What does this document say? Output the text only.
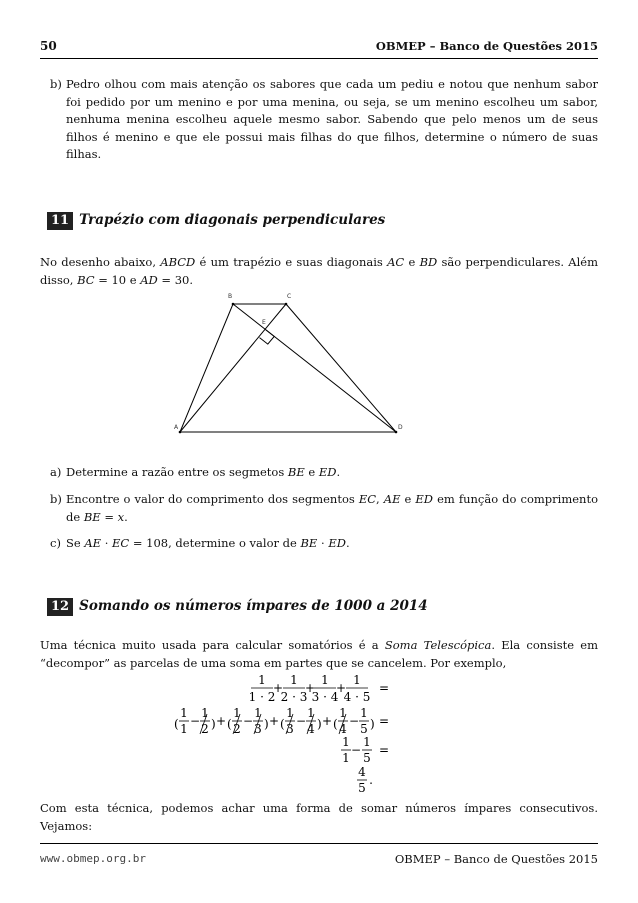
50	OBMEP – Banco de Questões 2015
b) Pedro olhou com mais atenção os sabores que cada um pediu e notou que nenhum sabor foi pedido por um menino e por uma menina, ou seja, se um menino escolheu um sabor, nenhuma menina escolheu aquele mesmo sabor. Sabendo que pelo menos um de seus filhos é menino e que ele possui mais filhas do que filhos, determine o número de suas filhas.
11 Trapézio com diagonais perpendiculares
No desenho abaixo, ABCD é um trapézio e suas diagonais AC e BD são perpendiculares. Além disso, BC = 10 e AD = 30.
B	C
A	D
E
a) Determine a razão entre os segmetos BE e ED.
b) Encontre o valor do comprimento dos segmentos EC, AE e ED em função do comprimento de BE = x.
c) Se AE · EC = 108, determine o valor de BE · ED.
12 Somando os números ímpares de 1000 a 2014
Uma técnica muito usada para calcular somatórios é a Soma Telescópica. Ela consiste em “decompor” as parcelas de uma soma em partes que se cancelem. Por exemplo,
(	) (	) (	) (	)
1
1 · 2
1
2 · 3
1
3 · 4
1
4 · 5
+ + +	=
1
1
−
1
2
+
1
2
−
1
3
+
1
3
−
1
4
+
1
4
−
1
5
=
1
1
−
1
5
=
4
5
.
Com esta técnica, podemos achar uma forma de somar números ímpares consecutivos. Vejamos:
www.obmep.org.br	OBMEP – Banco de Questões 2015
